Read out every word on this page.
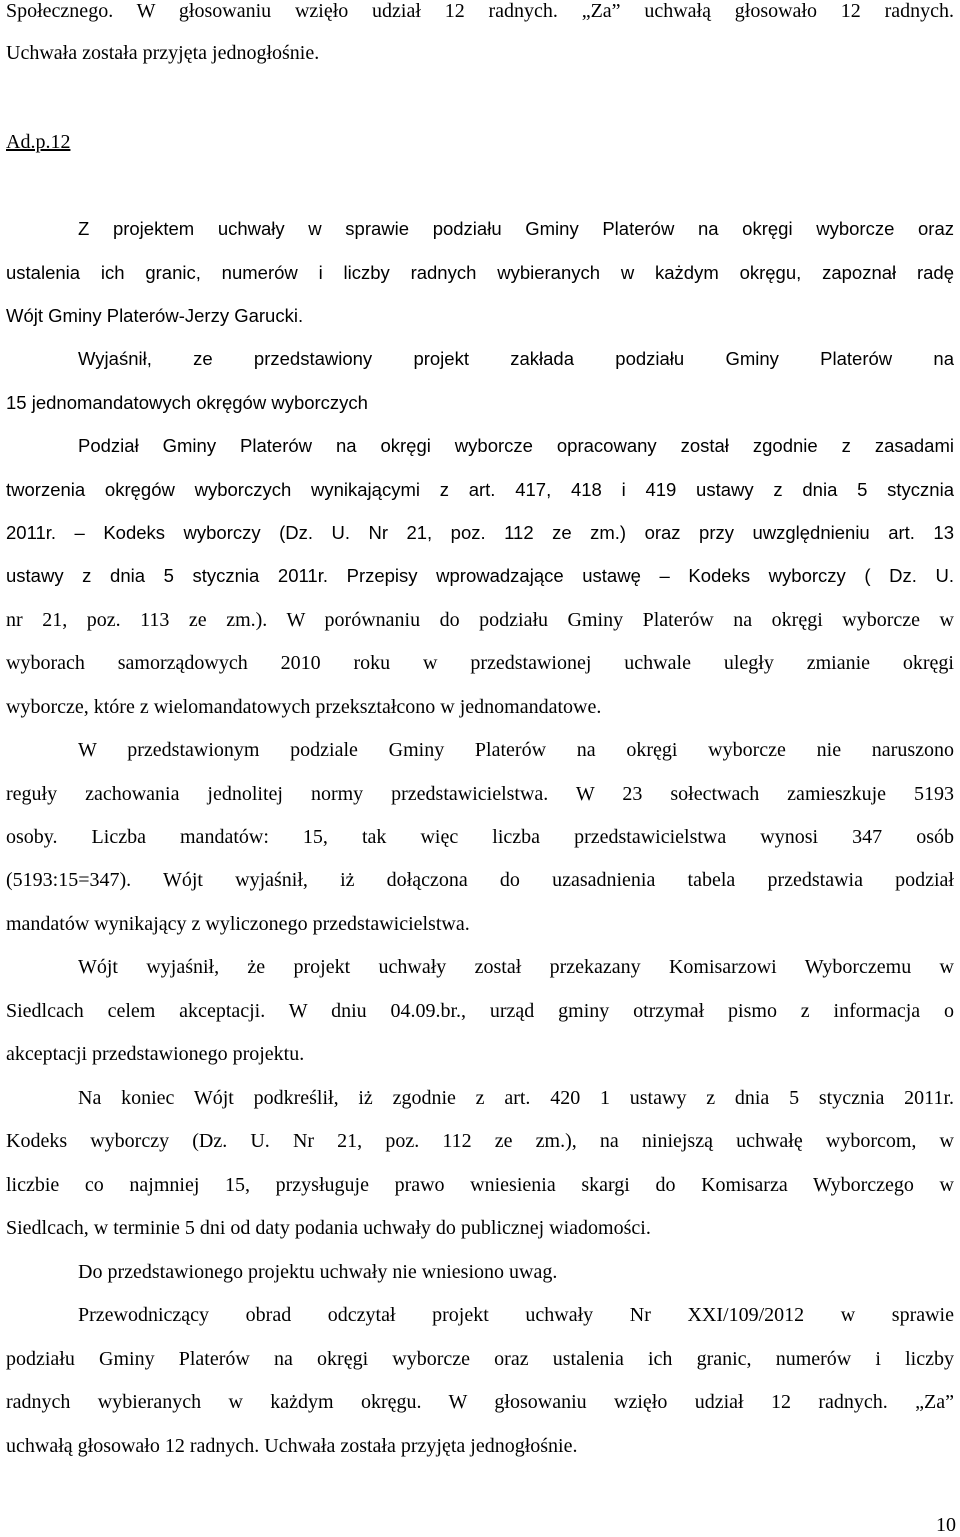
Społecznego. W głosowaniu wzięło udział 12 radnych. „Za” uchwałą głosowało 12 radnych.
Uchwała została przyjęta jednogłośnie.
Ad.p.12
Z projektem uchwały w sprawie podziału Gminy Platerów na okręgi wyborcze oraz
ustalenia ich granic, numerów i liczby radnych wybieranych w każdym okręgu, zapoznał radę
Wójt Gminy Platerów-Jerzy Garucki.
Wyjaśnił, ze przedstawiony projekt zakłada podziału Gminy Platerów na
15 jednomandatowych okręgów wyborczych
Podział Gminy Platerów na okręgi wyborcze opracowany został zgodnie z zasadami
tworzenia okręgów wyborczych wynikającymi z art. 417, 418 i 419 ustawy z dnia 5 stycznia
2011r. – Kodeks wyborczy (Dz. U. Nr 21, poz. 112 ze zm.) oraz przy uwzględnieniu art. 13
ustawy z dnia 5 stycznia 2011r. Przepisy wprowadzające ustawę – Kodeks wyborczy ( Dz. U.
nr 21, poz. 113 ze zm.). W porównaniu do podziału Gminy Platerów na okręgi wyborcze w
wyborach samorządowych 2010 roku w przedstawionej uchwale uległy zmianie okręgi
wyborcze, które z wielomandatowych przekształcono w jednomandatowe.
W przedstawionym podziale Gminy Platerów na okręgi wyborcze nie naruszono
reguły zachowania jednolitej normy przedstawicielstwa. W 23 sołectwach zamieszkuje 5193
osoby. Liczba mandatów: 15, tak więc liczba przedstawicielstwa wynosi 347 osób
(5193:15=347). Wójt wyjaśnił, iż dołączona do uzasadnienia tabela przedstawia podział
mandatów wynikający z wyliczonego przedstawicielstwa.
Wójt wyjaśnił, że projekt uchwały został przekazany Komisarzowi Wyborczemu w
Siedlcach celem akceptacji. W dniu 04.09.br., urząd gminy otrzymał pismo z informacja o
akceptacji przedstawionego projektu.
Na koniec Wójt podkreślił, iż zgodnie z art. 420 1 ustawy z dnia 5 stycznia 2011r.
Kodeks wyborczy (Dz. U. Nr 21, poz. 112 ze zm.), na niniejszą uchwałę wyborcom, w
liczbie co najmniej 15, przysługuje prawo wniesienia skargi do Komisarza Wyborczego w
Siedlcach, w terminie 5 dni od daty podania uchwały do publicznej wiadomości.
Do przedstawionego projektu uchwały nie wniesiono uwag.
Przewodniczący obrad odczytał projekt uchwały Nr XXI/109/2012 w sprawie
podziału Gminy Platerów na okręgi wyborcze oraz ustalenia ich granic, numerów i liczby
radnych wybieranych w każdym okręgu. W głosowaniu wzięło udział 12 radnych. „Za”
uchwałą głosowało 12 radnych. Uchwała została przyjęta jednogłośnie.
10
